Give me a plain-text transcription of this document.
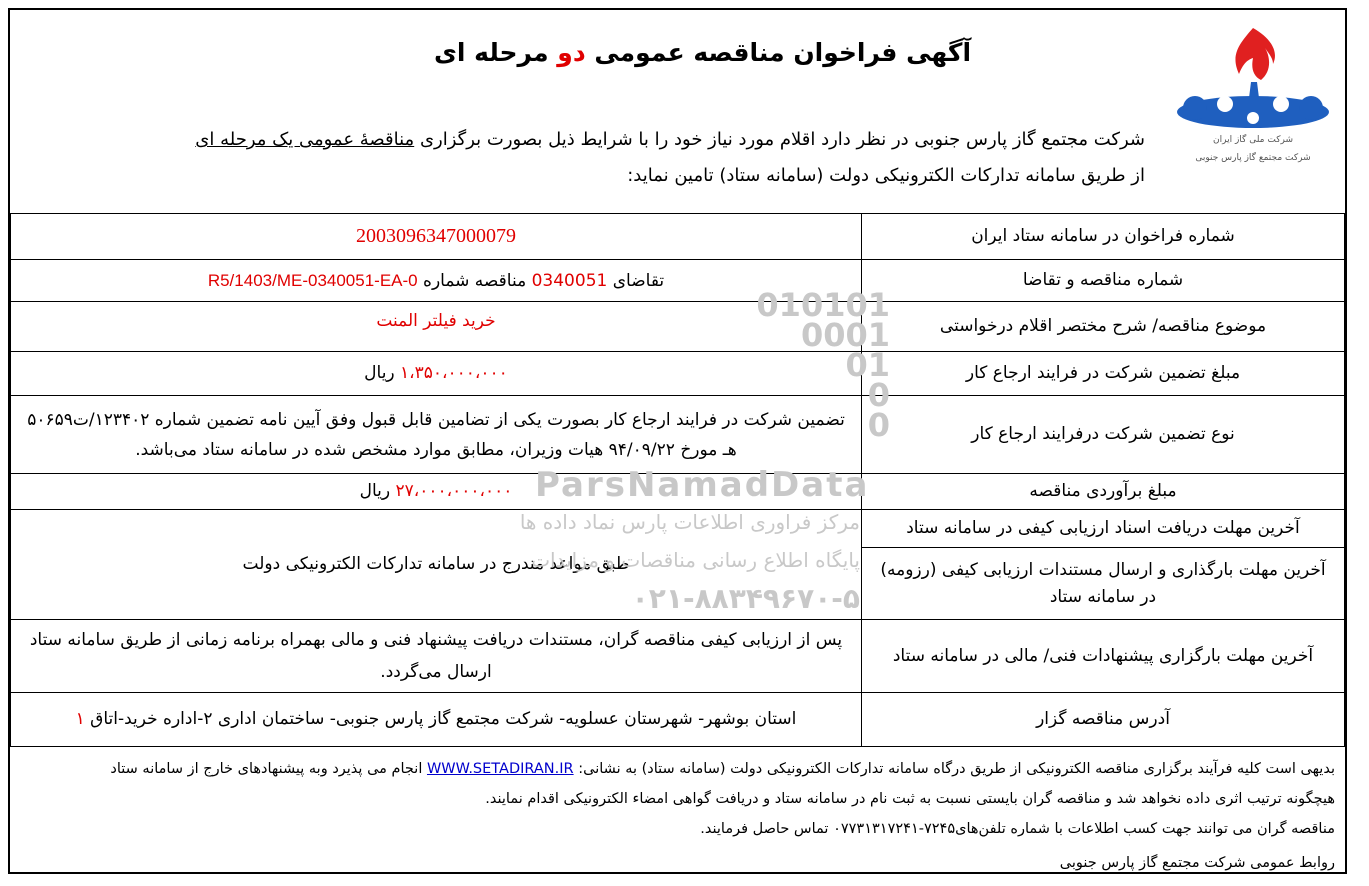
شرکت ملی گاز ایران
شرکت مجتمع گاز پارس جنوبی
آگهی فراخوان مناقصه عمومی دو مرحله ای
شرکت مجتمع گاز پارس جنوبی در نظر دارد اقلام مورد نیاز خود را با شرایط ذیل بصورت برگزاری مناقصۀ عمومی یک مرحله ای
از طریق سامانه تدارکات الکترونیکی دولت (سامانه ستاد) تامین نماید:
شماره فراخوان در سامانه ستاد ایران	2003096347000079
شماره مناقصه و تقاضا	تقاضای 0340051 مناقصه شماره R5/1403/ME-0340051-EA-0
موضوع مناقصه/ شرح مختصر اقلام درخواستی	خرید فیلتر المنت
مبلغ تضمین شرکت در فرایند ارجاع کار	۱،۳۵۰،۰۰۰،۰۰۰ ریال
نوع تضمین شرکت درفرایند ارجاع کار	تضمین شرکت در فرایند ارجاع کار بصورت یکی از تضامین قابل قبول وفق آیین نامه تضمین شماره ۱۲۳۴۰۲/ت۵۰۶۵۹ هـ مورخ ۹۴/۰۹/۲۲ هیات وزیران، مطابق موارد مشخص شده در سامانه ستاد می‌باشد.
مبلغ برآوردی مناقصه	۲۷،۰۰۰،۰۰۰،۰۰۰ ریال
آخرین مهلت دریافت اسناد ارزیابی کیفی در سامانه ستاد	طبق مواعد مندرج در سامانه تدارکات الکترونیکی دولت
آخرین مهلت بارگذاری و ارسال مستندات ارزیابی کیفی (رزومه) در سامانه ستاد	
آخرین مهلت بارگزاری پیشنهادات فنی/ مالی در سامانه ستاد	پس از ارزیابی کیفی مناقصه گران، مستندات دریافت پیشنهاد فنی و مالی بهمراه برنامه زمانی از طریق سامانه ستاد ارسال می‌گردد.
آدرس مناقصه گزار	استان بوشهر- شهرستان عسلویه- شرکت مجتمع گاز پارس جنوبی- ساختمان اداری ۲-اداره خرید-اتاق ۱
010101
0001
01
0
0
ParsNamadData
مرکز فراوری اطلاعات پارس نماد داده ها
پایگاه اطلاع رسانی مناقصات و مزایدات
۰۲۱-۸۸۳۴۹۶۷۰-۵
بدیهی است کلیه فرآیند برگزاری مناقصه الکترونیکی از طریق درگاه سامانه تدارکات الکترونیکی دولت (سامانه ستاد) به نشانی: WWW.SETADIRAN.IR انجام می پذیرد وبه پیشنهادهای خارج از سامانه ستاد
هیچگونه ترتیب اثری داده نخواهد شد و مناقصه گران بایستی نسبت به ثبت نام در سامانه ستاد و دریافت گواهی امضاء الکترونیکی اقدام نمایند.
مناقصه گران می توانند جهت کسب اطلاعات با شماره تلفن‌های۷۲۴۵-۰۷۷۳۱۳۱۷۲۴۱ تماس حاصل فرمایند.
روابط عمومی شرکت مجتمع گاز پارس جنوبی
